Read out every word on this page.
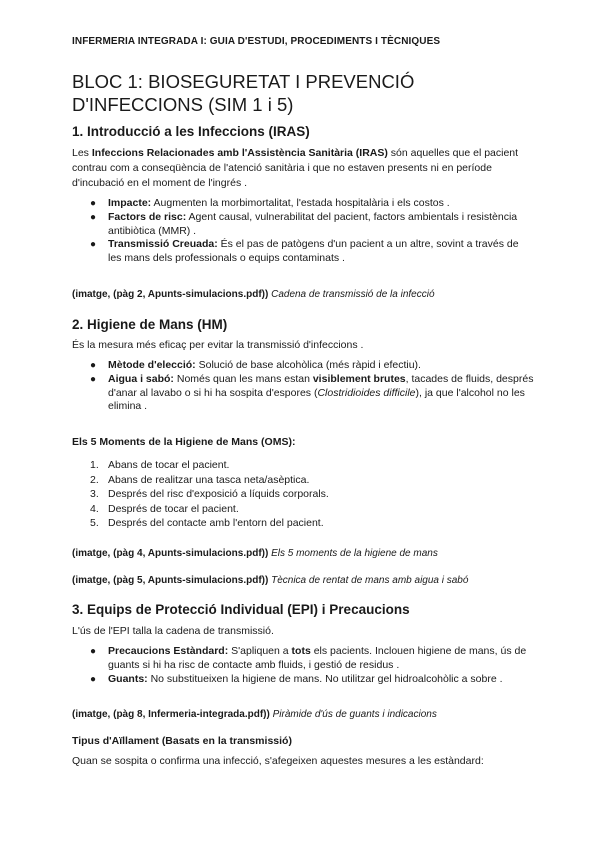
INFERMERIA INTEGRADA I: GUIA D'ESTUDI, PROCEDIMENTS I TÈCNIQUES
BLOC 1: BIOSEGURETAT I PREVENCIÓ D'INFECCIONS (SIM 1 i 5)
1. Introducció a les Infeccions (IRAS)

Les Infeccions Relacionades amb l'Assistència Sanitària (IRAS) són aquelles que el pacient contrau com a conseqüència de l'atenció sanitària i que no estaven presents ni en període d'incubació en el moment de l'ingrés .

● Impacte: Augmenten la morbimortalitat, l'estada hospitalària i els costos .
● Factors de risc: Agent causal, vulnerabilitat del pacient, factors ambientals i resistència antibiòtica (MMR) .
● Transmissió Creuada: És el pas de patògens d'un pacient a un altre, sovint a través de les mans dels professionals o equips contaminats .
(imatge, (pàg 2, Apunts-simulacions.pdf)) Cadena de transmissió de la infecció
2. Higiene de Mans (HM)

És la mesura més eficaç per evitar la transmissió d'infeccions .

● Mètode d'elecció: Solució de base alcohòlica (més ràpid i efectiu).
● Aigua i sabó: Només quan les mans estan visiblement brutes, tacades de fluids, després d'anar al lavabo o si hi ha sospita d'espores (Clostridioides difficile), ja que l'alcohol no les elimina .
Els 5 Moments de la Higiene de Mans (OMS):
1. Abans de tocar el pacient.
2. Abans de realitzar una tasca neta/asèptica.
3. Després del risc d'exposició a líquids corporals.
4. Després de tocar el pacient.
5. Després del contacte amb l'entorn del pacient.
(imatge, (pàg 4, Apunts-simulacions.pdf)) Els 5 moments de la higiene de mans
(imatge, (pàg 5, Apunts-simulacions.pdf)) Tècnica de rentat de mans amb aigua i sabó
3. Equips de Protecció Individual (EPI) i Precaucions

L'ús de l'EPI talla la cadena de transmissió.

● Precaucions Estàndard: S'apliquen a tots els pacients. Inclouen higiene de mans, ús de guants si hi ha risc de contacte amb fluids, i gestió de residus .
● Guants: No substitueixen la higiene de mans. No utilitzar gel hidroalcohòlic a sobre .
(imatge, (pàg 8, Infermeria-integrada.pdf)) Piràmide d'ús de guants i indicacions
Tipus d'Aïllament (Basats en la transmissió)

Quan se sospita o confirma una infecció, s'afegeixen aquestes mesures a les estàndard:
